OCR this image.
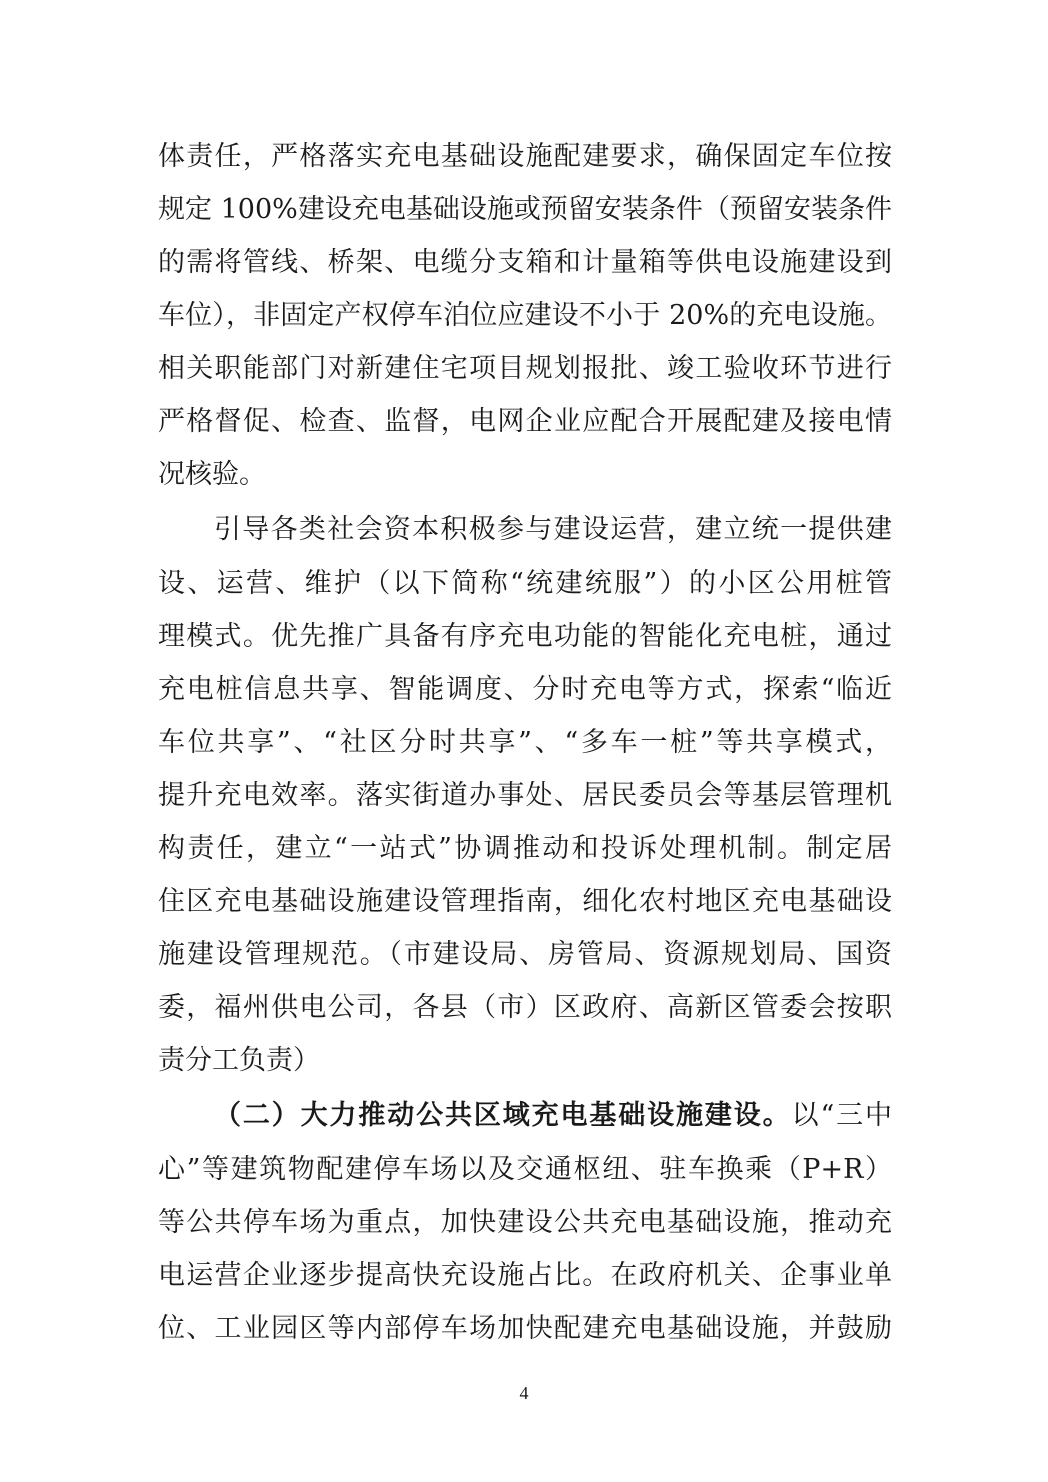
体责任，严格落实充电基础设施配建要求，确保固定车位按
规定 100%建设充电基础设施或预留安装条件（预留安装条件
的需将管线、桥架、电缆分支箱和计量箱等供电设施建设到
车位），非固定产权停车泊位应建设不小于 20%的充电设施。
相关职能部门对新建住宅项目规划报批、竣工验收环节进行
严格督促、检查、监督，电网企业应配合开展配建及接电情
况核验。
引导各类社会资本积极参与建设运营，建立统一提供建
设、运营、维护（以下简称“统建统服”）的小区公用桩管
理模式。优先推广具备有序充电功能的智能化充电桩，通过
充电桩信息共享、智能调度、分时充电等方式，探索“临近
车位共享”、“社区分时共享”、“多车一桩”等共享模式，
提升充电效率。落实街道办事处、居民委员会等基层管理机
构责任，建立“一站式”协调推动和投诉处理机制。制定居
住区充电基础设施建设管理指南，细化农村地区充电基础设
施建设管理规范。（市建设局、房管局、资源规划局、国资
委，福州供电公司，各县（市）区政府、高新区管委会按职
责分工负责）
（二）大力推动公共区域充电基础设施建设。以“三中
心”等建筑物配建停车场以及交通枢纽、驻车换乘（P+R）
等公共停车场为重点，加快建设公共充电基础设施，推动充
电运营企业逐步提高快充设施占比。在政府机关、企事业单
位、工业园区等内部停车场加快配建充电基础设施，并鼓励
4
